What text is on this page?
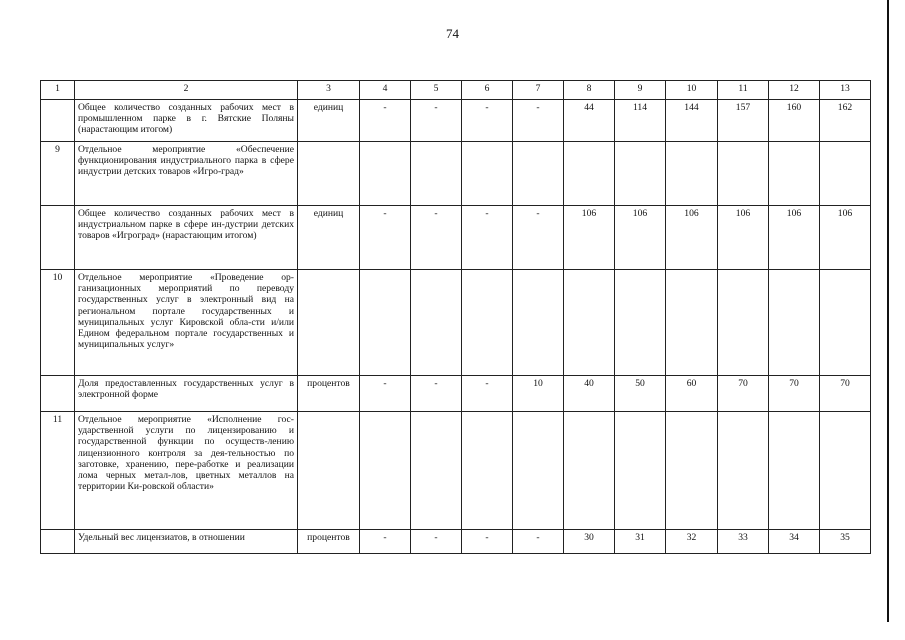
74
1	2	3	4	5	6	7	8	9	10	11	12	13
	Общее количество созданных рабочих мест в промышленном парке в г. Вятские Поляны (нарастающим итогом)	единиц	-	-	-	-	44	114	144	157	160	162
9	Отдельное мероприятие «Обеспечение функционирования индустриального парка в сфере индустрии детских товаров «Игро-град»											
	Общее количество созданных рабочих мест в индустриальном парке в сфере ин-дустрии детских товаров «Игроград» (нарастающим итогом)	единиц	-	-	-	-	106	106	106	106	106	106
10	Отдельное мероприятие «Проведение ор-ганизационных мероприятий по переводу государственных услуг в электронный вид на региональном портале государственных и муниципальных услуг Кировской обла-сти и/или Едином федеральном портале государственных и муниципальных услуг»											
	Доля предоставленных государственных услуг в электронной форме	процентов	-	-	-	10	40	50	60	70	70	70
11	Отдельное мероприятие «Исполнение гос-ударственной услуги по лицензированию и государственной функции по осуществ-лению лицензионного контроля за дея-тельностью по заготовке, хранению, пере-работке и реализации лома черных метал-лов, цветных металлов на территории Ки-ровской области»											
	Удельный вес лицензиатов, в отношении	процентов	-	-	-	-	30	31	32	33	34	35
